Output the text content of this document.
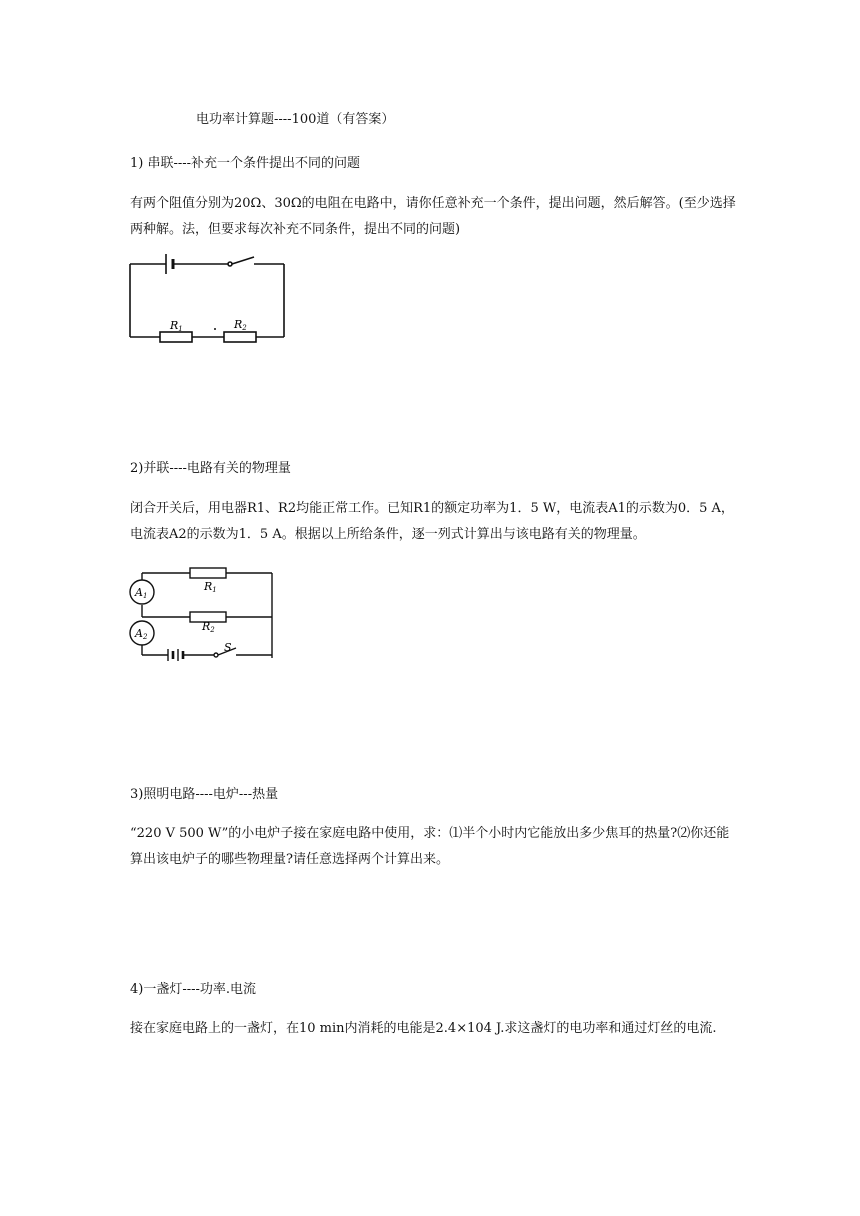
电功率计算题----100道（有答案）
1) 串联----补充一个条件提出不同的问题
有两个阻值分别为20Ω、30Ω的电阻在电路中，请你任意补充一个条件，提出问题，然后解答。(至少选择两种解。法，但要求每次补充不同条件，提出不同的问题)
R1	R2
2)并联----电路有关的物理量
闭合开关后，用电器R1、R2均能正常工作。已知R1的额定功率为1．5 W，电流表A1的示数为0．5 A，电流表A2的示数为1．5 A。根据以上所给条件，逐一列式计算出与该电路有关的物理量。
A1
A2
R1
R2
S
3)照明电路----电炉---热量
“220 V 500 W”的小电炉子接在家庭电路中使用，求：⑴半个小时内它能放出多少焦耳的热量?⑵你还能算出该电炉子的哪些物理量?请任意选择两个计算出来。
4)一盏灯----功率.电流
接在家庭电路上的一盏灯，在10 min内消耗的电能是2.4×104 J.求这盏灯的电功率和通过灯丝的电流.
